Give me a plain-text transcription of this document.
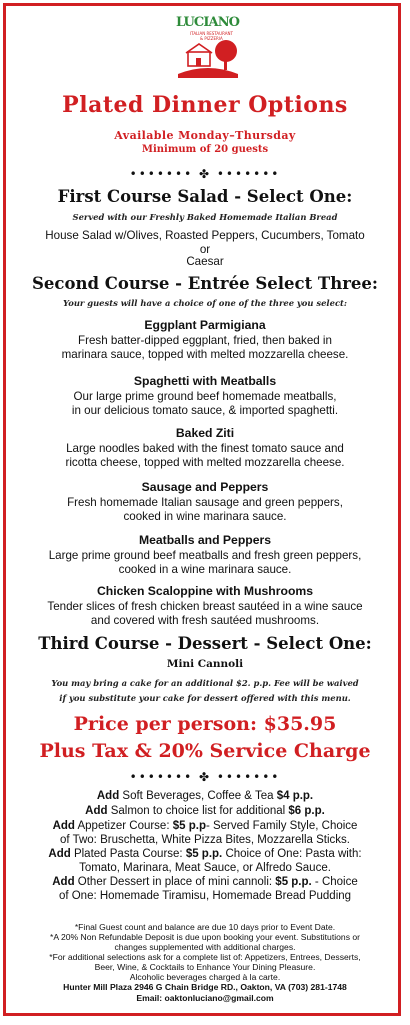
LUCIANO
ITALIAN RESTAURANT
& PIZZERIA
Plated Dinner Options
Available Monday–Thursday
Minimum of 20 guests
••••••• ✤ •••••••
First Course Salad - Select One:
Served with our Freshly Baked Homemade Italian Bread
House Salad w/Olives, Roasted Peppers, Cucumbers, Tomato
or
Caesar
Second Course - Entrée Select Three:
Your guests will have a choice of one of the three you select:
Eggplant Parmigiana
Fresh batter-dipped eggplant, fried, then baked in
marinara sauce, topped with melted mozzarella cheese.
Spaghetti with Meatballs
Our large prime ground beef homemade meatballs,
in our delicious tomato sauce, & imported spaghetti.
Baked Ziti
Large noodles baked with the finest tomato sauce and
ricotta cheese, topped with melted mozzarella cheese.
Sausage and Peppers
Fresh homemade Italian sausage and green peppers,
cooked in wine marinara sauce.
Meatballs and Peppers
Large prime ground beef meatballs and fresh green peppers,
cooked in a wine marinara sauce.
Chicken Scaloppine with Mushrooms
Tender slices of fresh chicken breast sautéed in a wine sauce
and covered with fresh sautéed mushrooms.
Third Course - Dessert - Select One:
Mini Cannoli
You may bring a cake for an additional $2. p.p. Fee will be waived
if you substitute your cake for dessert offered with this menu.
Price per person: $35.95
Plus Tax & 20% Service Charge
••••••• ✤ •••••••
Add Soft Beverages, Coffee & Tea $4 p.p.
Add Salmon to choice list for additional $6 p.p.
Add Appetizer Course: $5 p.p- Served Family Style, Choice
of Two: Bruschetta, White Pizza Bites, Mozzarella Sticks.
Add Plated Pasta Course: $5 p.p. Choice of One: Pasta with:
Tomato, Marinara, Meat Sauce, or Alfredo Sauce.
Add Other Dessert in place of mini cannoli: $5 p.p. - Choice
of One: Homemade Tiramisu, Homemade Bread Pudding
*Final Guest count and balance are due 10 days prior to Event Date.
*A 20% Non Refundable Deposit is due upon booking your event. Substitutions or
changes supplemented with additional charges.
*For additional selections ask for a complete list of: Appetizers, Entrees, Desserts,
Beer, Wine, & Cocktails to Enhance Your Dining Pleasure.
Alcoholic beverages charged à la carte.
Hunter Mill Plaza 2946 G Chain Bridge RD., Oakton, VA (703) 281-1748
Email: oaktonluciano@gmail.com
